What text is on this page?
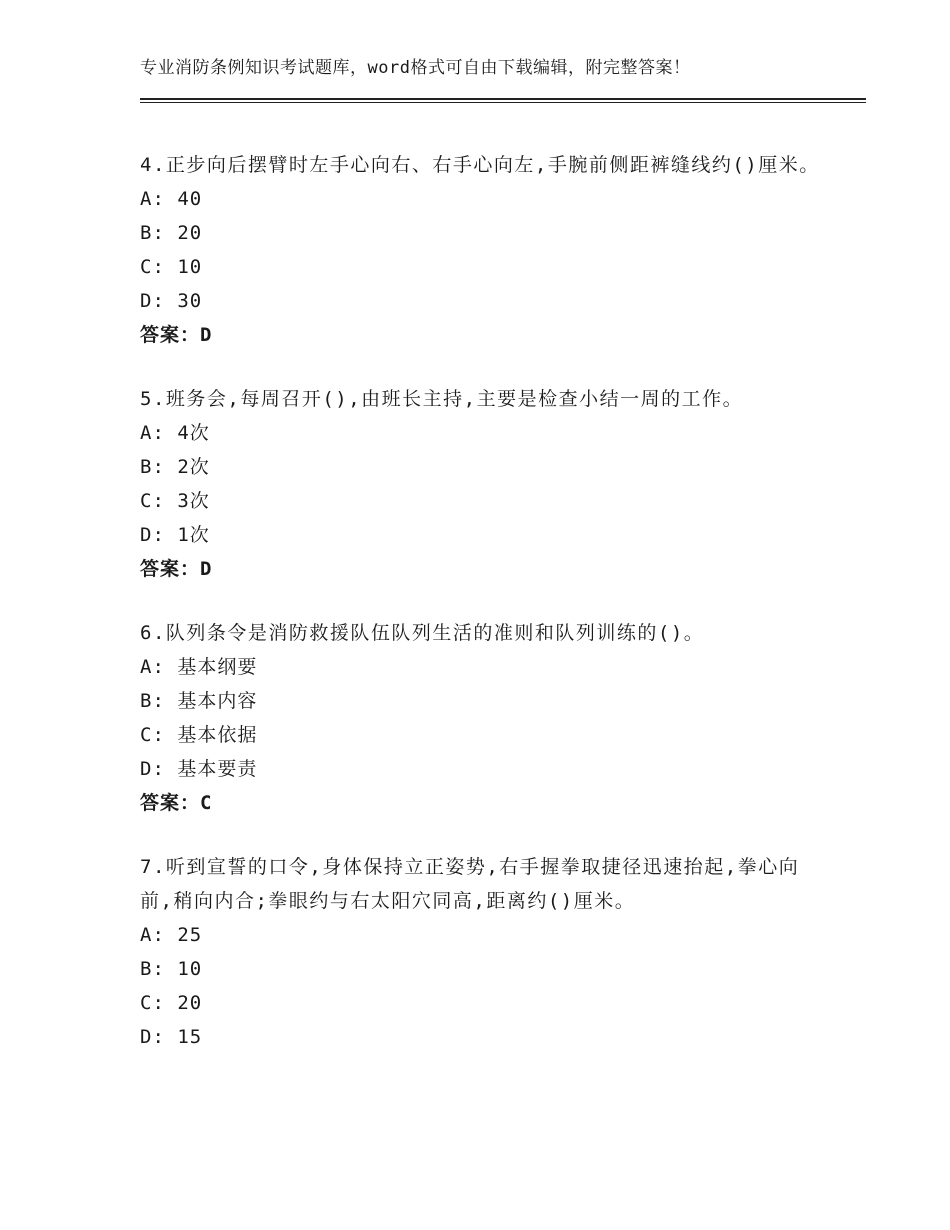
专业消防条例知识考试题库，word格式可自由下载编辑，附完整答案！

4.正步向后摆臂时左手心向右、右手心向左,手腕前侧距裤缝线约()厘米。

A: 40

B: 20

C: 10

D: 30

答案：D

5.班务会,每周召开(),由班长主持,主要是检查小结一周的工作。

A: 4次

B: 2次

C: 3次

D: 1次

答案：D

6.队列条令是消防救援队伍队列生活的准则和队列训练的()。

A: 基本纲要

B: 基本内容

C: 基本依据

D: 基本要责

答案：C

7.听到宣誓的口令,身体保持立正姿势,右手握拳取捷径迅速抬起,拳心向前,稍向内合;拳眼约与右太阳穴同高,距离约()厘米。

A: 25

B: 10

C: 20

D: 15
